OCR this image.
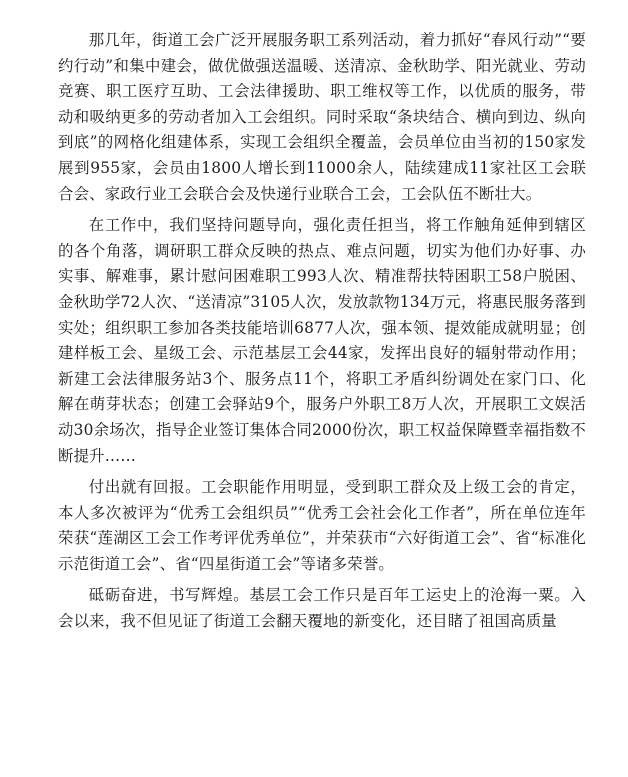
那几年，街道工会广泛开展服务职工系列活动，着力抓好“春风行动”“要约行动”和集中建会，做优做强送温暖、送清凉、金秋助学、阳光就业、劳动竞赛、职工医疗互助、工会法律援助、职工维权等工作，以优质的服务，带动和吸纳更多的劳动者加入工会组织。同时采取“条块结合、横向到边、纵向到底”的网格化组建体系，实现工会组织全覆盖，会员单位由当初的150家发展到955家，会员由1800人增长到11000余人，陆续建成11家社区工会联合会、家政行业工会联合会及快递行业联合工会，工会队伍不断壮大。

在工作中，我们坚持问题导向，强化责任担当，将工作触角延伸到辖区的各个角落，调研职工群众反映的热点、难点问题，切实为他们办好事、办实事、解难事，累计慰问困难职工993人次、精准帮扶特困职工58户脱困、金秋助学72人次、“送清凉”3105人次，发放款物134万元，将惠民服务落到实处；组织职工参加各类技能培训6877人次，强本领、提效能成就明显；创建样板工会、星级工会、示范基层工会44家，发挥出良好的辐射带动作用；新建工会法律服务站3个、服务点11个，将职工矛盾纠纷调处在家门口、化解在萌芽状态；创建工会驿站9个，服务户外职工8万人次，开展职工文娱活动30余场次，指导企业签订集体合同2000份次，职工权益保障暨幸福指数不断提升……

付出就有回报。工会职能作用明显，受到职工群众及上级工会的肯定，本人多次被评为“优秀工会组织员”“优秀工会社会化工作者”，所在单位连年荣获“莲湖区工会工作考评优秀单位”，并荣获市“六好街道工会”、省“标准化示范街道工会”、省“四星街道工会”等诸多荣誉。

砥砺奋进，书写辉煌。基层工会工作只是百年工运史上的沧海一粟。入会以来，我不但见证了街道工会翻天覆地的新变化，还目睹了祖国高质量
